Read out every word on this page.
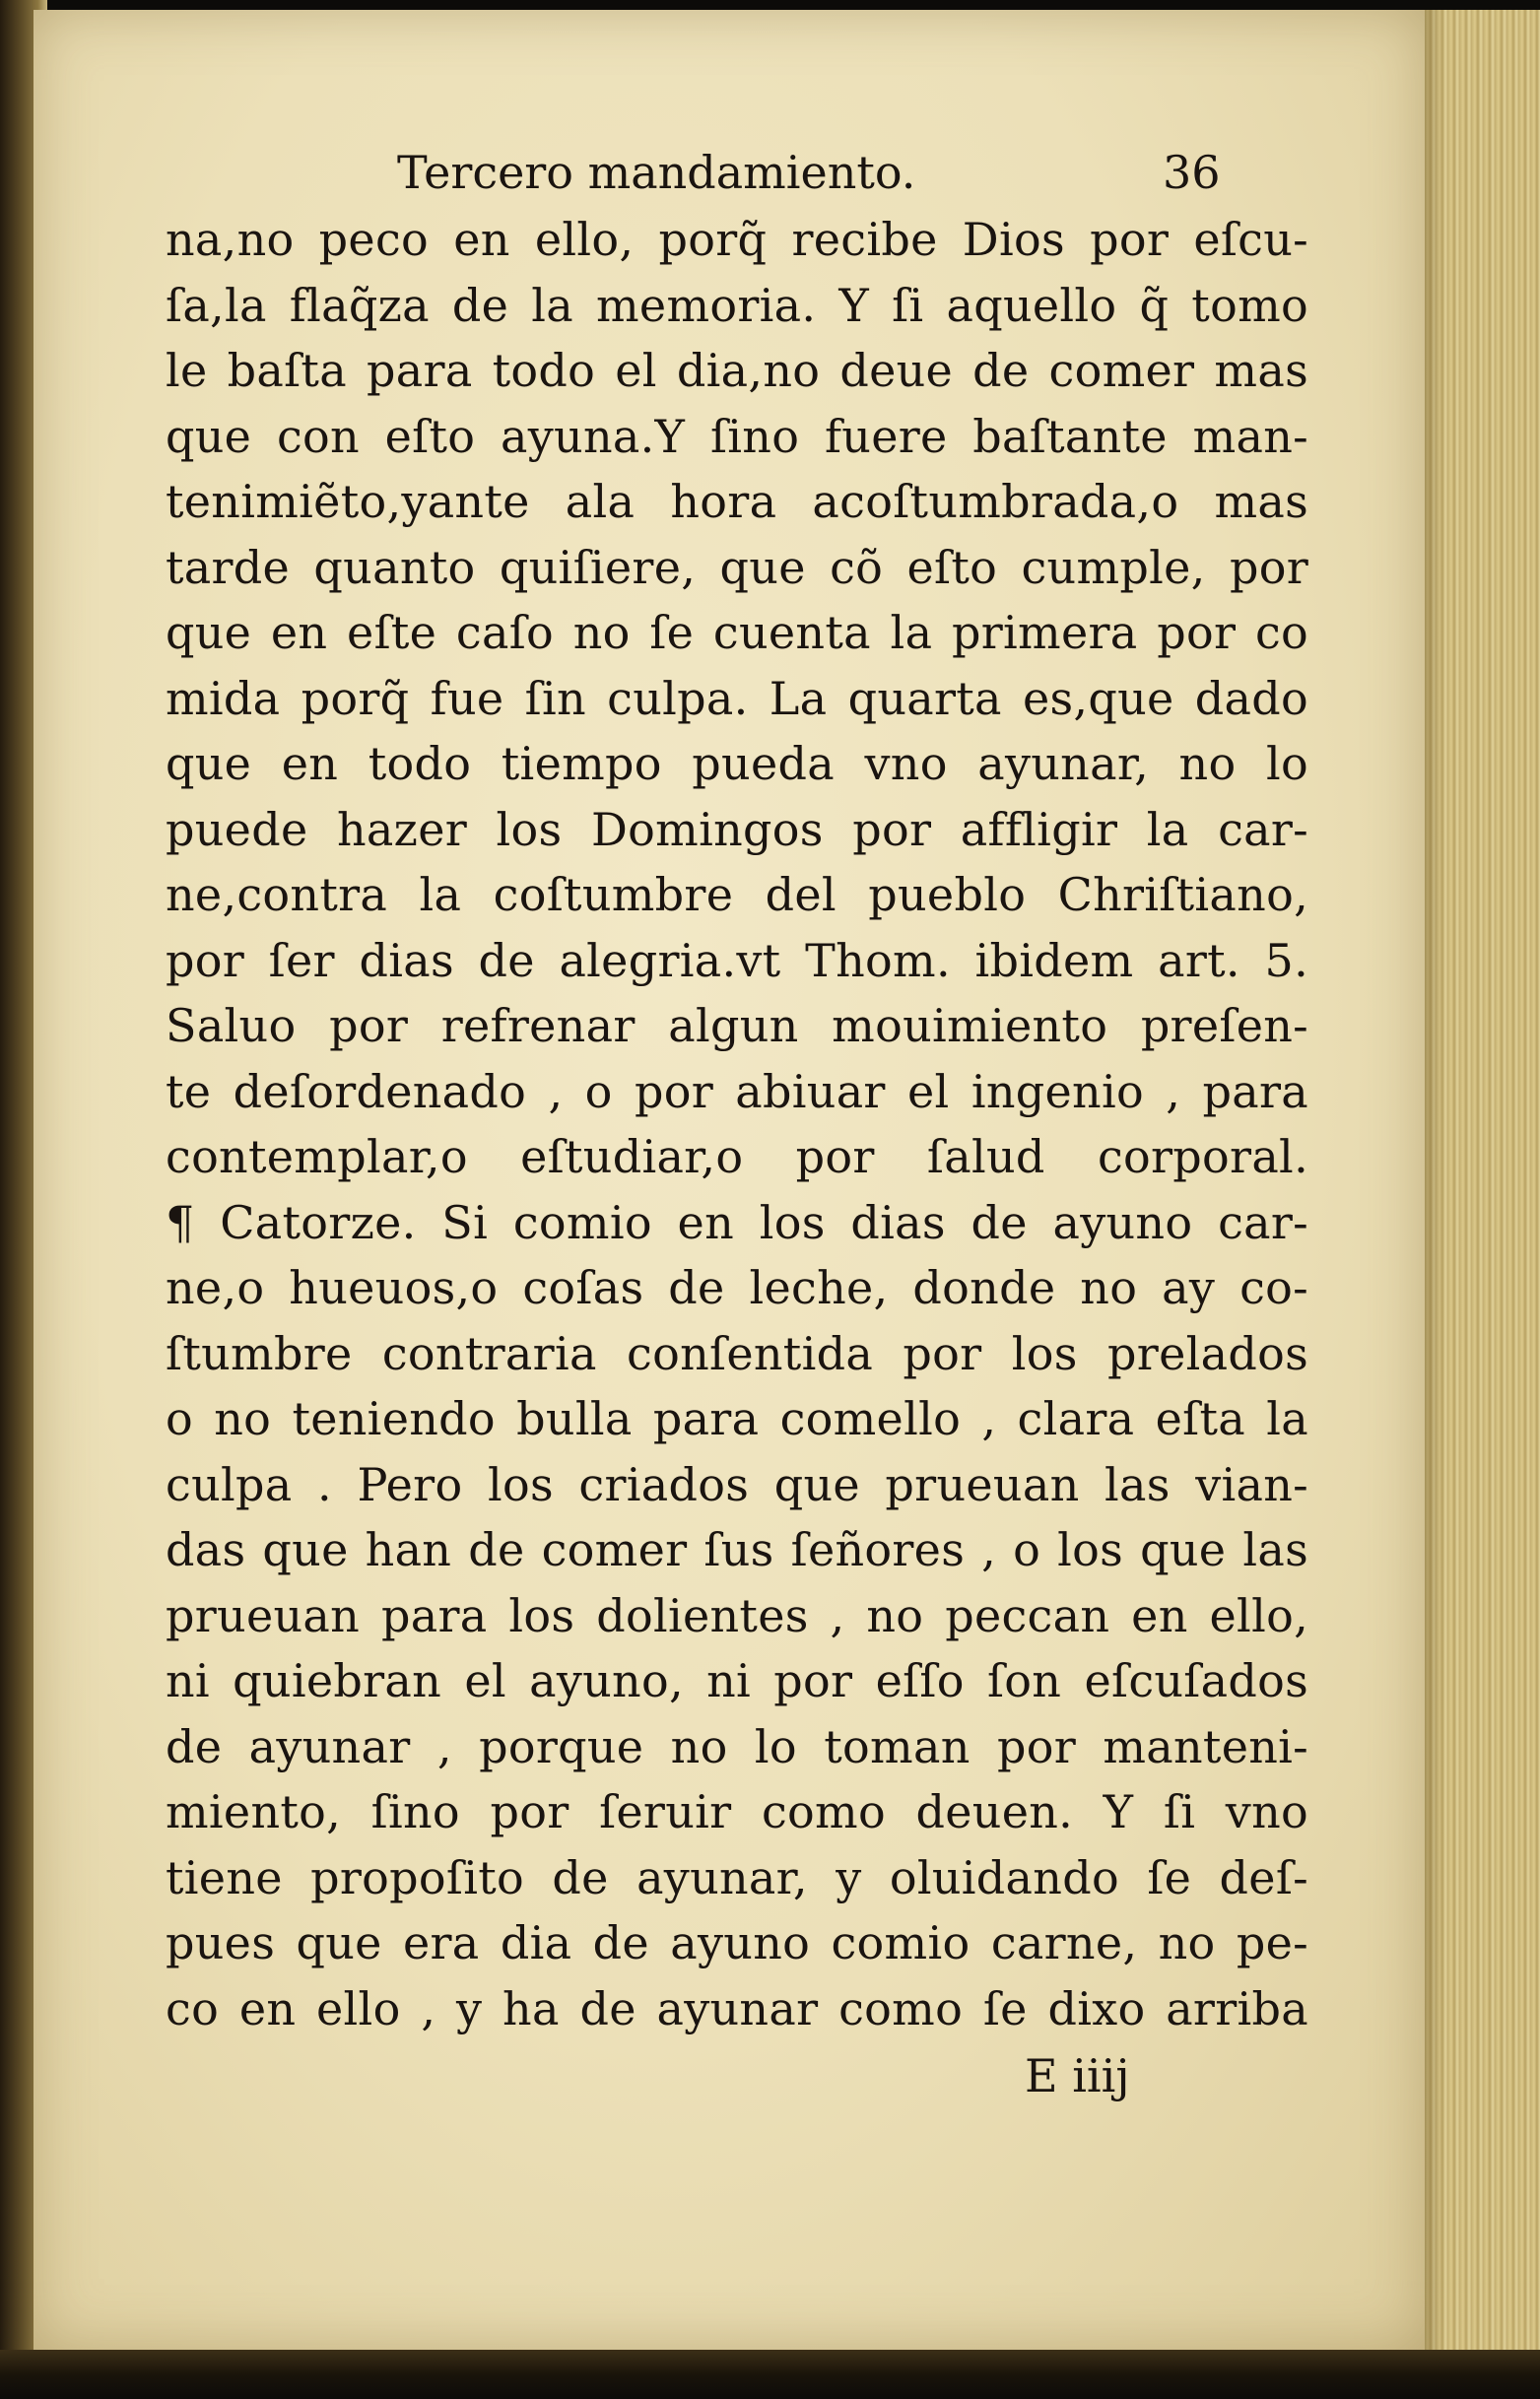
Tercero mandamiento.	36
na,no peco en ello, porq̃ recibe Dios por eſcu-
ſa,la flaq̃za de la memoria. Y ſi aquello q̃ tomo
le baſta para todo el dia,no deue de comer mas
que con eſto ayuna.Y ſino fuere baſtante man-
tenimiẽto,yante ala hora acoſtumbrada,o mas
tarde quanto quiſiere, que cõ eſto cumple, por
que en eſte caſo no ſe cuenta la primera por co
mida porq̃ fue ſin culpa. La quarta es,que dado
que en todo tiempo pueda vno ayunar, no lo
puede hazer los Domingos por affligir la car-
ne,contra la coſtumbre del pueblo Chriſtiano,
por ſer dias de alegria.vt Thom. ibidem art. 5.
Saluo por refrenar algun mouimiento preſen-
te deſordenado , o por abiuar el ingenio , para
contemplar,o eſtudiar,o por ſalud corporal.
¶ Catorze. Si comio en los dias de ayuno car-
ne,o hueuos,o coſas de leche, donde no ay co-
ſtumbre contraria conſentida por los prelados
o no teniendo bulla para comello , clara eſta la
culpa . Pero los criados que prueuan las vian-
das que han de comer ſus ſeñores , o los que las
prueuan para los dolientes , no peccan en ello,
ni quiebran el ayuno, ni por eſſo ſon eſcuſados
de ayunar , porque no lo toman por manteni-
miento, ſino por ſeruir como deuen. Y ſi vno
tiene propoſito de ayunar, y oluidando ſe deſ-
pues que era dia de ayuno comio carne, no pe-
co en ello , y ha de ayunar como ſe dixo arriba
E iiij
